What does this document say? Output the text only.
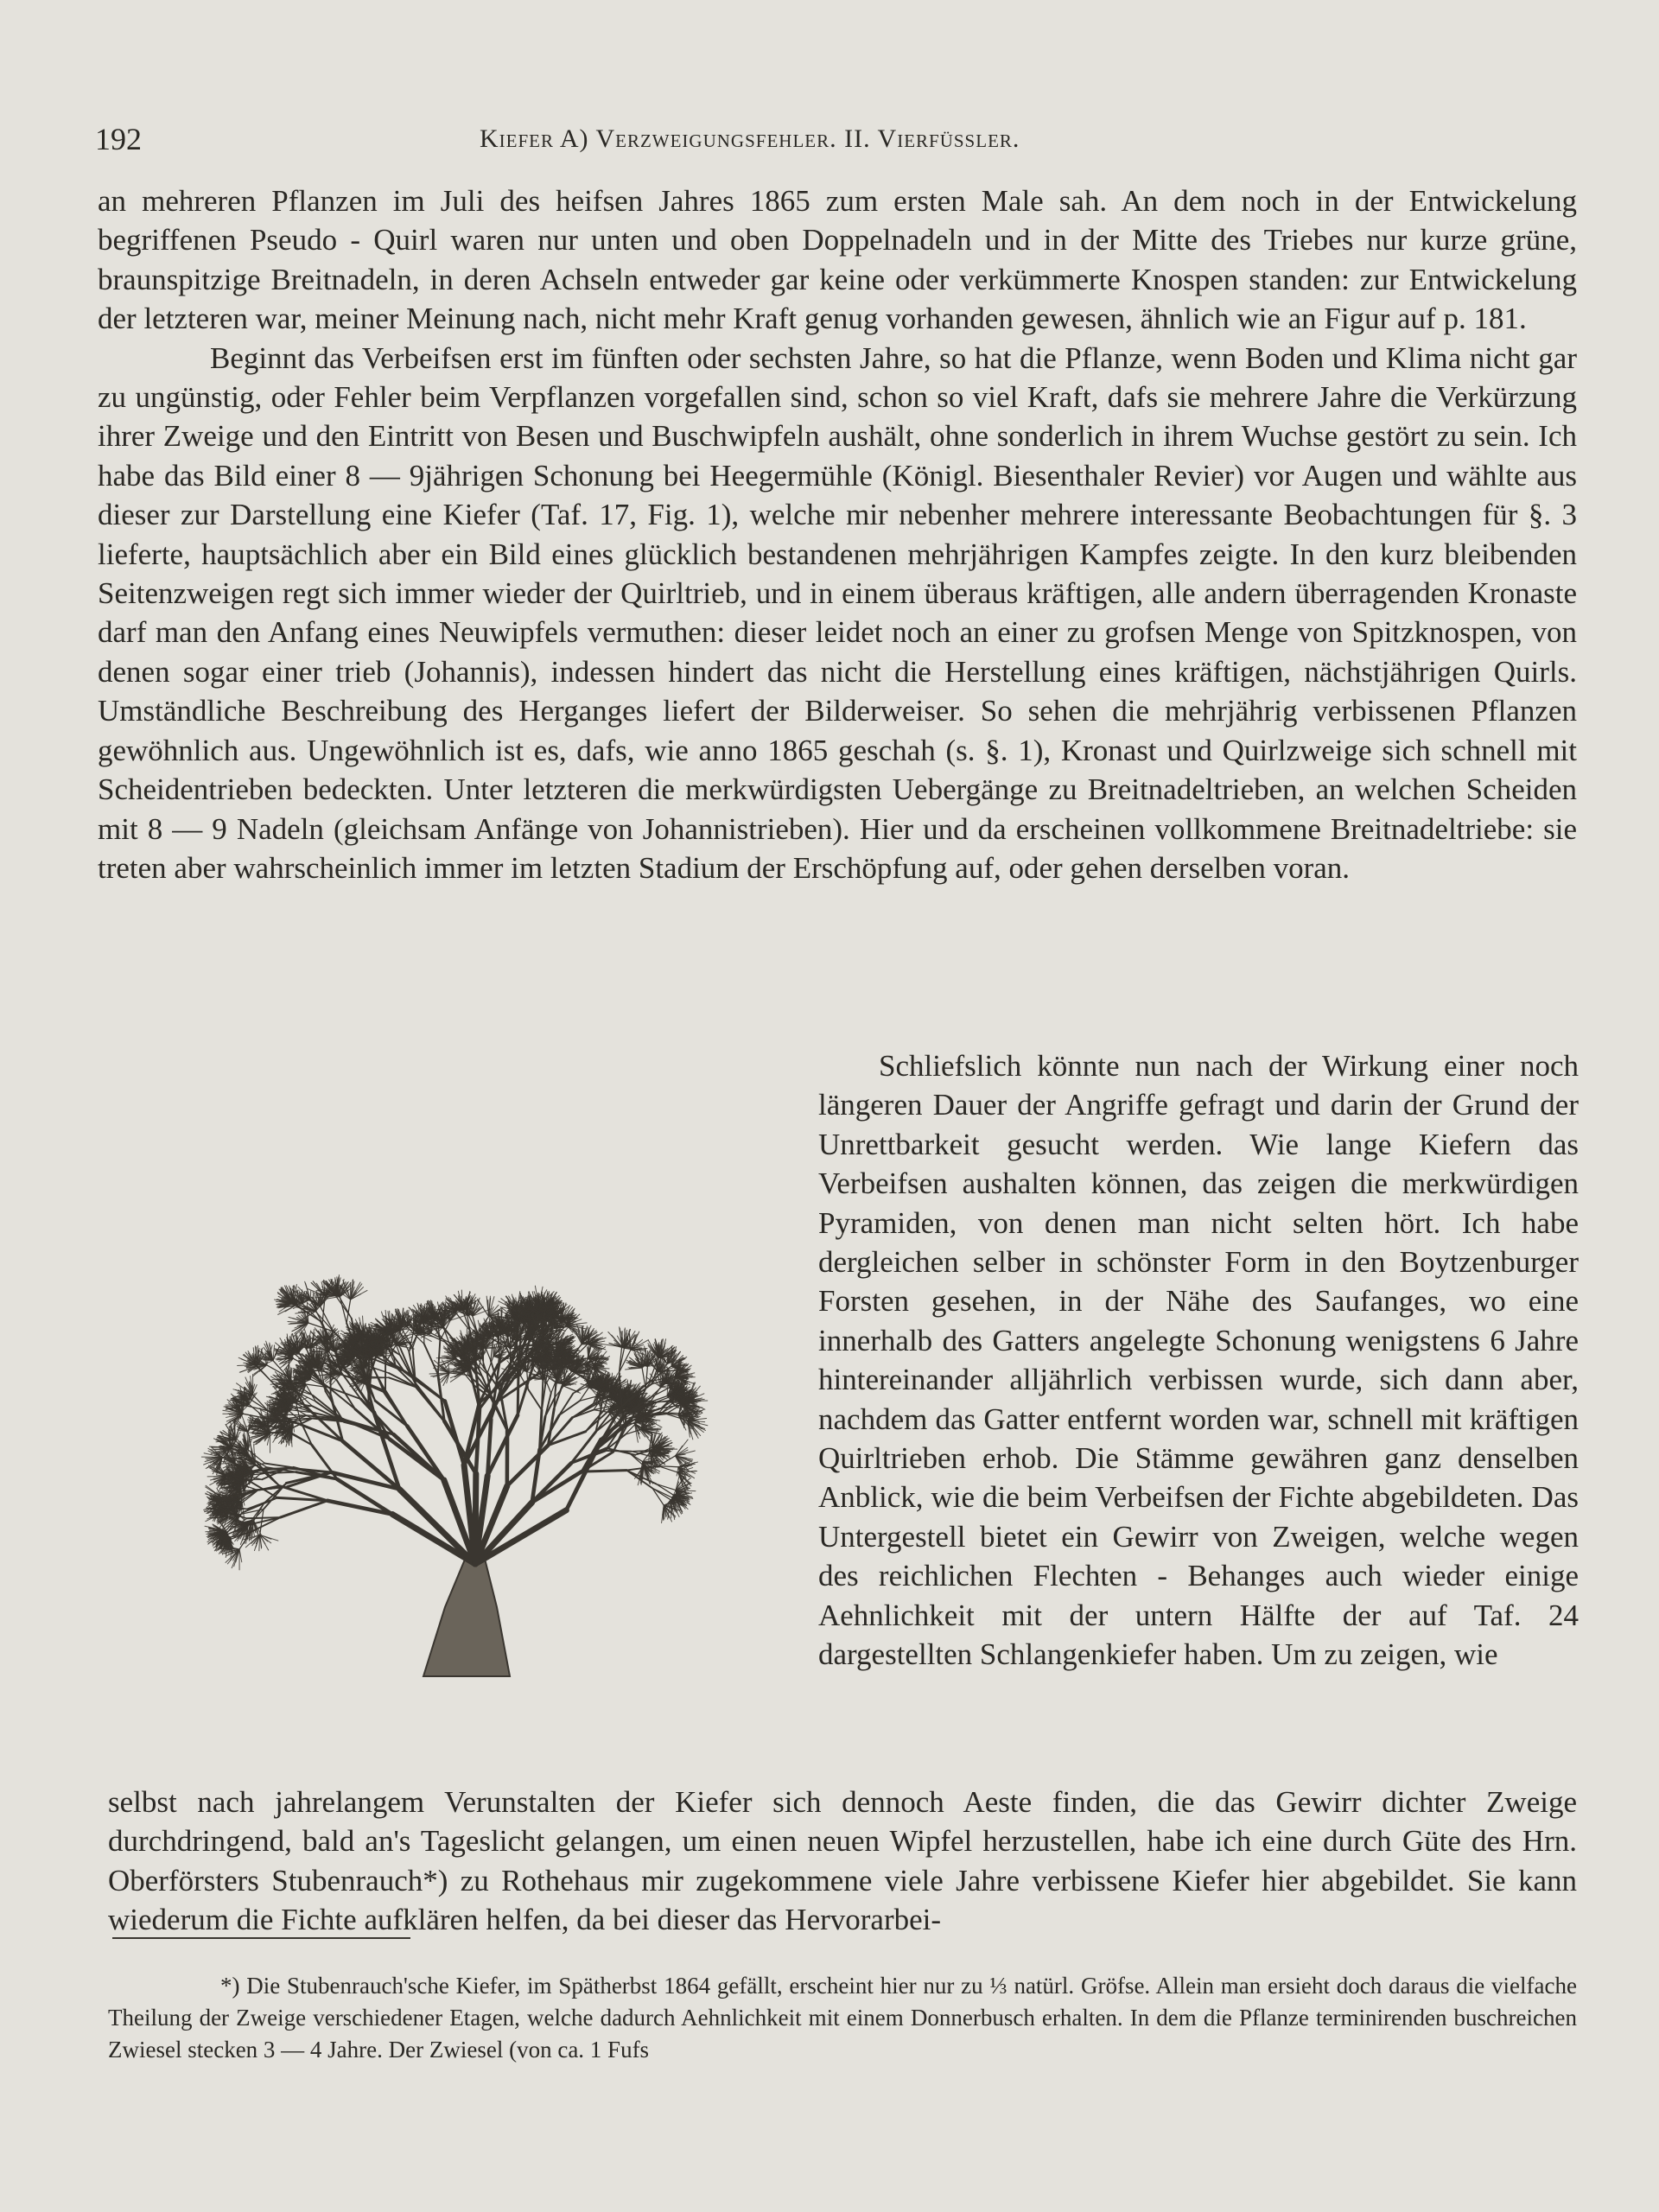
192	Kiefer A) Verzweigungsfehler. II. Vierfüssler.

an mehreren Pflanzen im Juli des heifsen Jahres 1865 zum ersten Male sah. An dem noch in der Entwickelung begriffenen Pseudo - Quirl waren nur unten und oben Doppelnadeln und in der Mitte des Triebes nur kurze grüne, braunspitzige Breitnadeln, in deren Achseln entweder gar keine oder verkümmerte Knospen standen: zur Entwickelung der letzteren war, meiner Meinung nach, nicht mehr Kraft genug vorhanden gewesen, ähnlich wie an Figur auf p. 181.

Beginnt das Verbeifsen erst im fünften oder sechsten Jahre, so hat die Pflanze, wenn Boden und Klima nicht gar zu ungünstig, oder Fehler beim Verpflanzen vorgefallen sind, schon so viel Kraft, dafs sie mehrere Jahre die Verkürzung ihrer Zweige und den Eintritt von Besen und Buschwipfeln aushält, ohne sonderlich in ihrem Wuchse gestört zu sein. Ich habe das Bild einer 8 — 9jährigen Schonung bei Heegermühle (Königl. Biesenthaler Revier) vor Augen und wählte aus dieser zur Darstellung eine Kiefer (Taf. 17, Fig. 1), welche mir nebenher mehrere interessante Beobachtungen für §. 3 lieferte, hauptsächlich aber ein Bild eines glücklich bestandenen mehrjährigen Kampfes zeigte. In den kurz bleibenden Seitenzweigen regt sich immer wieder der Quirltrieb, und in einem überaus kräftigen, alle andern überragenden Kronaste darf man den Anfang eines Neuwipfels vermuthen: dieser leidet noch an einer zu grofsen Menge von Spitzknospen, von denen sogar einer trieb (Johannis), indessen hindert das nicht die Herstellung eines kräftigen, nächstjährigen Quirls. Umständliche Beschreibung des Herganges liefert der Bilderweiser. So sehen die mehrjährig verbissenen Pflanzen gewöhnlich aus. Ungewöhnlich ist es, dafs, wie anno 1865 geschah (s. §. 1), Kronast und Quirlzweige sich schnell mit Scheidentrieben bedeckten. Unter letzteren die merkwürdigsten Uebergänge zu Breitnadeltrieben, an welchen Scheiden mit 8 — 9 Nadeln (gleichsam Anfänge von Johannistrieben). Hier und da erscheinen vollkommene Breitnadeltriebe: sie treten aber wahrscheinlich immer im letzten Stadium der Erschöpfung auf, oder gehen derselben voran.

Schliefslich könnte nun nach der Wirkung einer noch längeren Dauer der Angriffe gefragt und darin der Grund der Unrettbarkeit gesucht werden. Wie lange Kiefern das Verbeifsen aushalten können, das zeigen die merkwürdigen Pyramiden, von denen man nicht selten hört. Ich habe dergleichen selber in schönster Form in den Boytzenburger Forsten gesehen, in der Nähe des Saufanges, wo eine innerhalb des Gatters angelegte Schonung wenigstens 6 Jahre hintereinander alljährlich verbissen wurde, sich dann aber, nachdem das Gatter entfernt worden war, schnell mit kräftigen Quirltrieben erhob. Die Stämme gewähren ganz denselben Anblick, wie die beim Verbeifsen der Fichte abgebildeten. Das Untergestell bietet ein Gewirr von Zweigen, welche wegen des reichlichen Flechten - Behanges auch wieder einige Aehnlichkeit mit der untern Hälfte der auf Taf. 24 dargestellten Schlangenkiefer haben. Um zu zeigen, wie

selbst nach jahrelangem Verunstalten der Kiefer sich dennoch Aeste finden, die das Gewirr dichter Zweige durchdringend, bald an's Tageslicht gelangen, um einen neuen Wipfel herzustellen, habe ich eine durch Güte des Hrn. Oberförsters Stubenrauch*) zu Rothehaus mir zugekommene viele Jahre verbissene Kiefer hier abgebildet. Sie kann wiederum die Fichte aufklären helfen, da bei dieser das Hervorarbei-

*) Die Stubenrauch'sche Kiefer, im Spätherbst 1864 gefällt, erscheint hier nur zu ⅓ natürl. Gröfse. Allein man ersieht doch daraus die vielfache Theilung der Zweige verschiedener Etagen, welche dadurch Aehnlichkeit mit einem Donnerbusch erhalten. In dem die Pflanze terminirenden buschreichen Zwiesel stecken 3 — 4 Jahre. Der Zwiesel (von ca. 1 Fufs
